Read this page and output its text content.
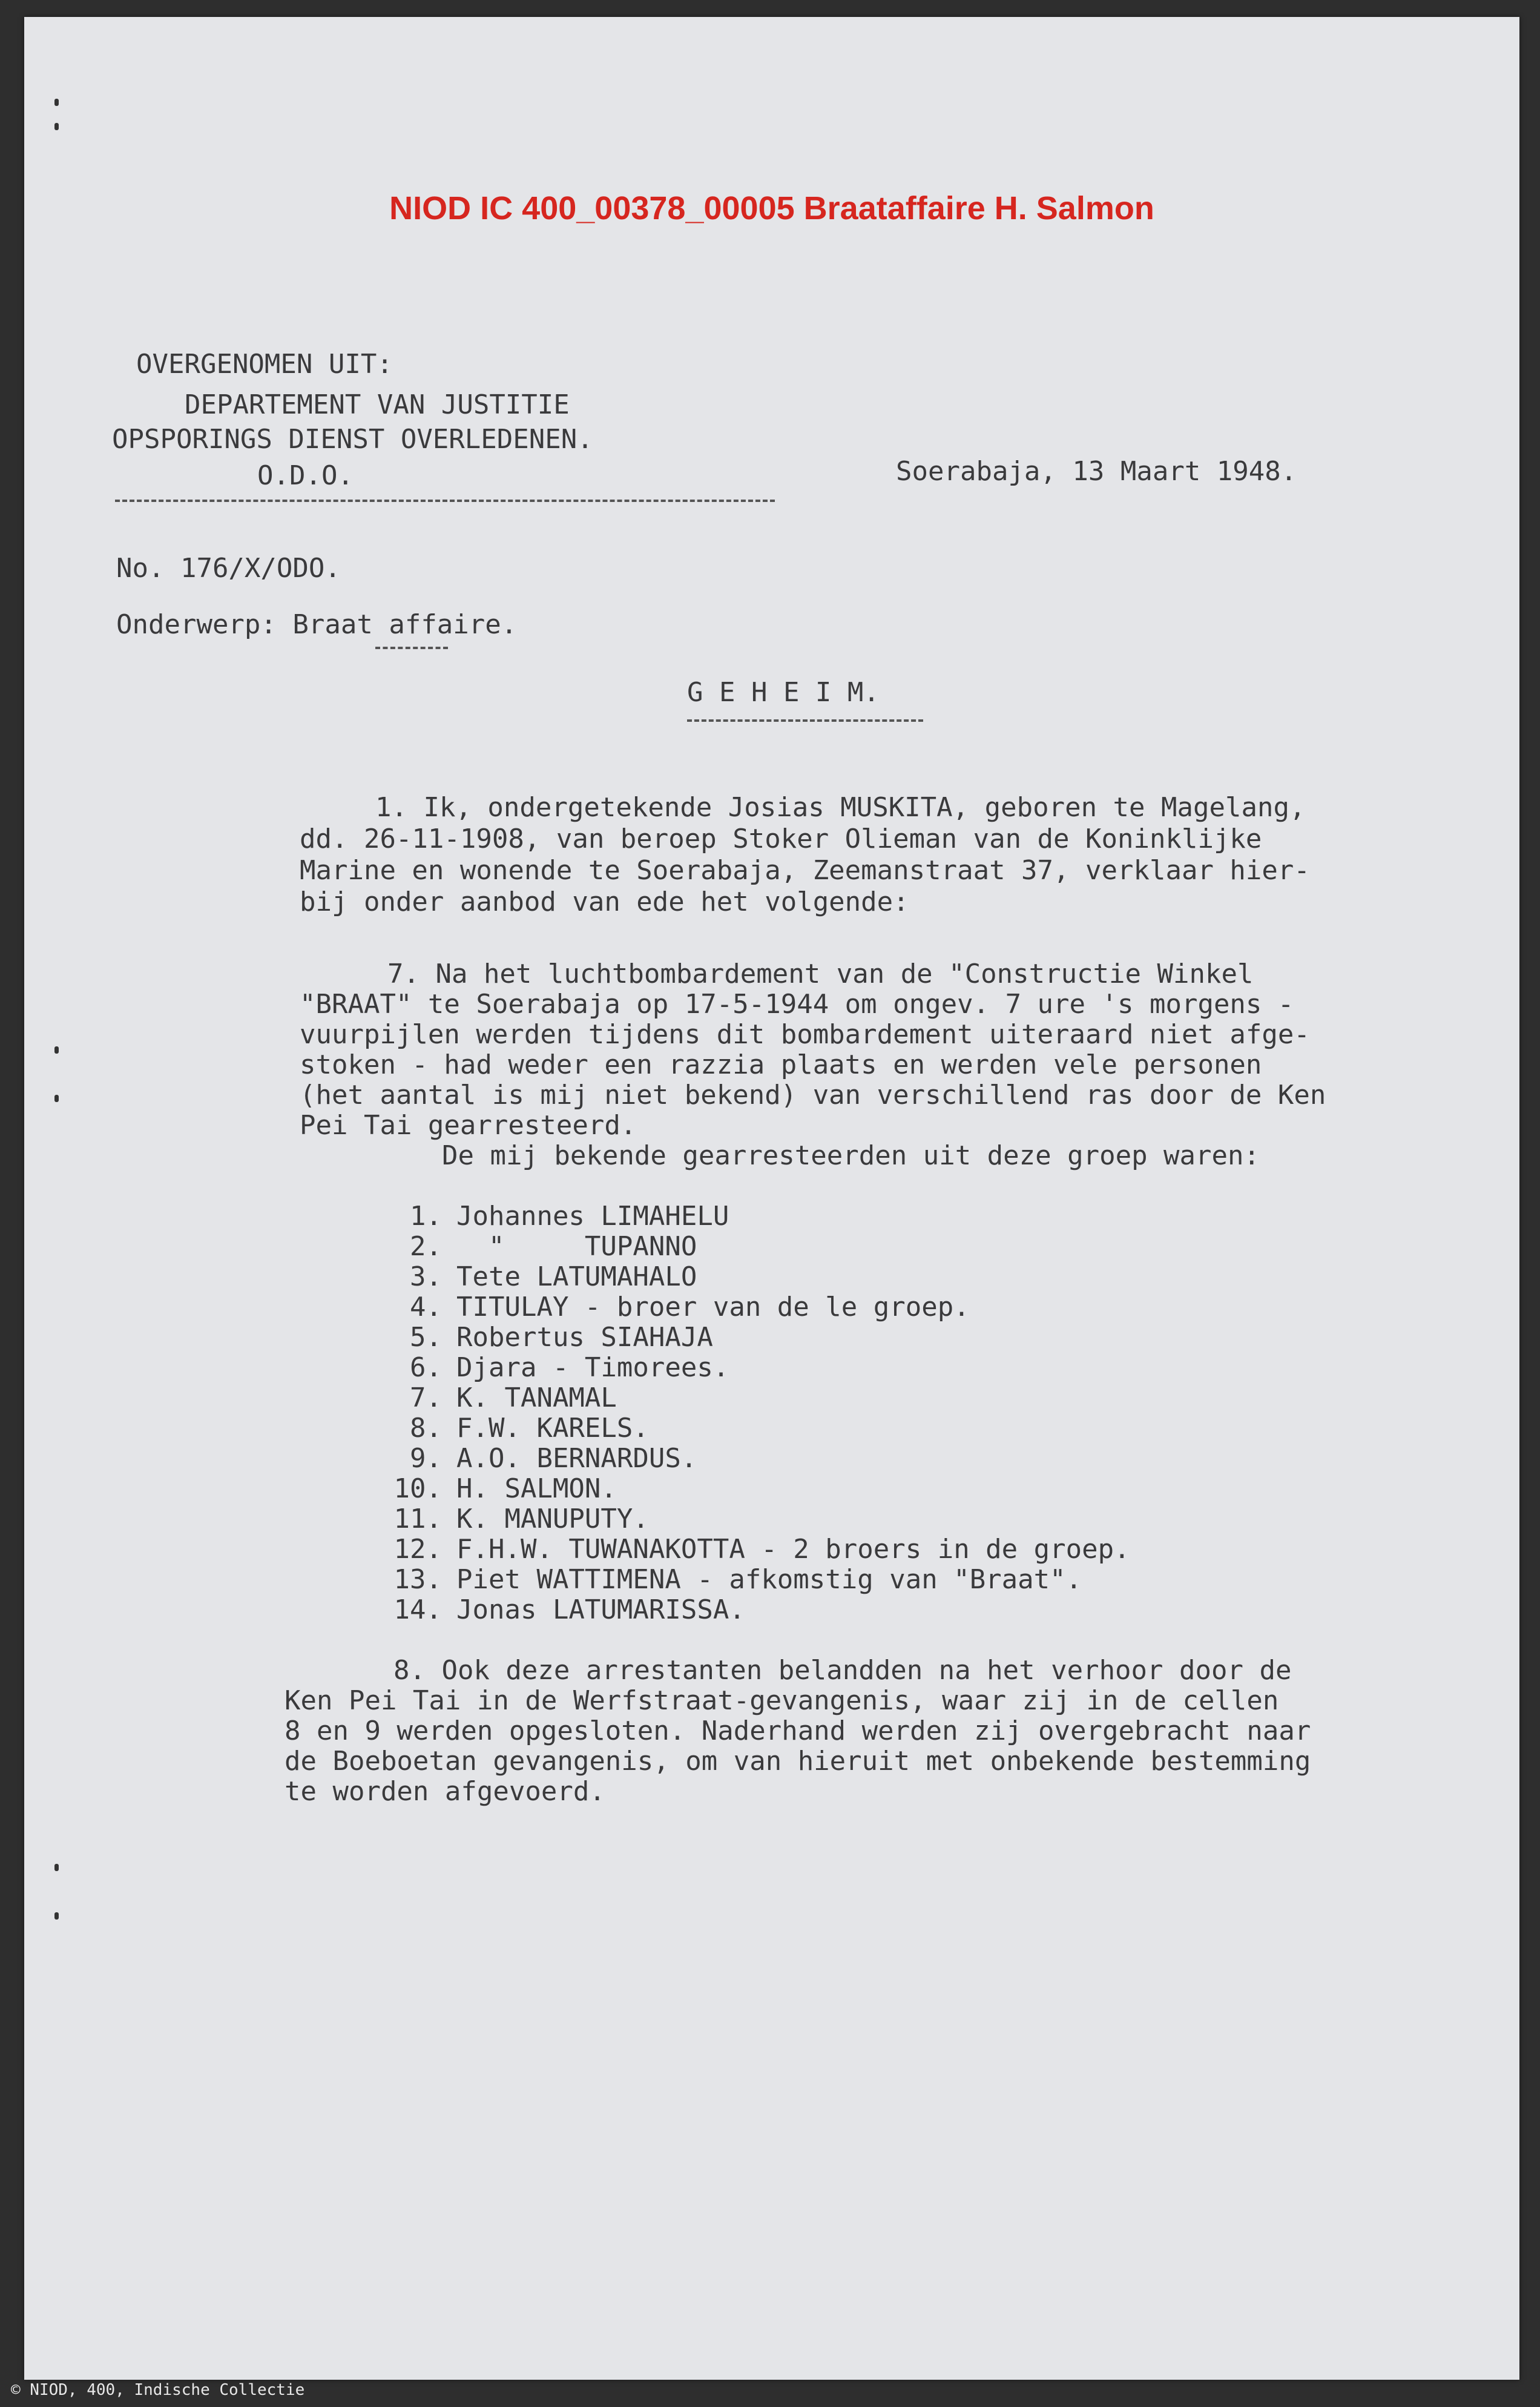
NIOD IC 400_00378_00005 Braataffaire H. Salmon
OVERGENOMEN UIT:
DEPARTEMENT VAN JUSTITIE
OPSPORINGS DIENST OVERLEDENEN.
O.D.O.	Soerabaja, 13 Maart 1948.
No. 176/X/ODO.
Onderwerp: Braat affaire.
G E H E I M.
1. Ik, ondergetekende Josias MUSKITA, geboren te Magelang,
dd. 26-11-1908, van beroep Stoker Olieman van de Koninklijke
Marine en wonende te Soerabaja, Zeemanstraat 37, verklaar hier-
bij onder aanbod van ede het volgende:
7. Na het luchtbombardement van de "Constructie Winkel
"BRAAT" te Soerabaja op 17-5-1944 om ongev. 7 ure 's morgens -
vuurpijlen werden tijdens dit bombardement uiteraard niet afge-
stoken - had weder een razzia plaats en werden vele personen
(het aantal is mij niet bekend) van verschillend ras door de Ken
Pei Tai gearresteerd.
De mij bekende gearresteerden uit deze groep waren:
1. Johannes LIMAHELU
2.  "     TUPANNO
3. Tete LATUMAHALO
4. TITULAY - broer van de le groep.
5. Robertus SIAHAJA
6. Djara - Timorees.
7. K. TANAMAL
8. F.W. KARELS.
9. A.O. BERNARDUS.
10. H. SALMON.
11. K. MANUPUTY.
12. F.H.W. TUWANAKOTTA - 2 broers in de groep.
13. Piet WATTIMENA - afkomstig van "Braat".
14. Jonas LATUMARISSA.
8. Ook deze arrestanten belandden na het verhoor door de
Ken Pei Tai in de Werfstraat-gevangenis, waar zij in de cellen
8 en 9 werden opgesloten. Naderhand werden zij overgebracht naar
de Boeboetan gevangenis, om van hieruit met onbekende bestemming
te worden afgevoerd.
© NIOD, 400, Indische Collectie
